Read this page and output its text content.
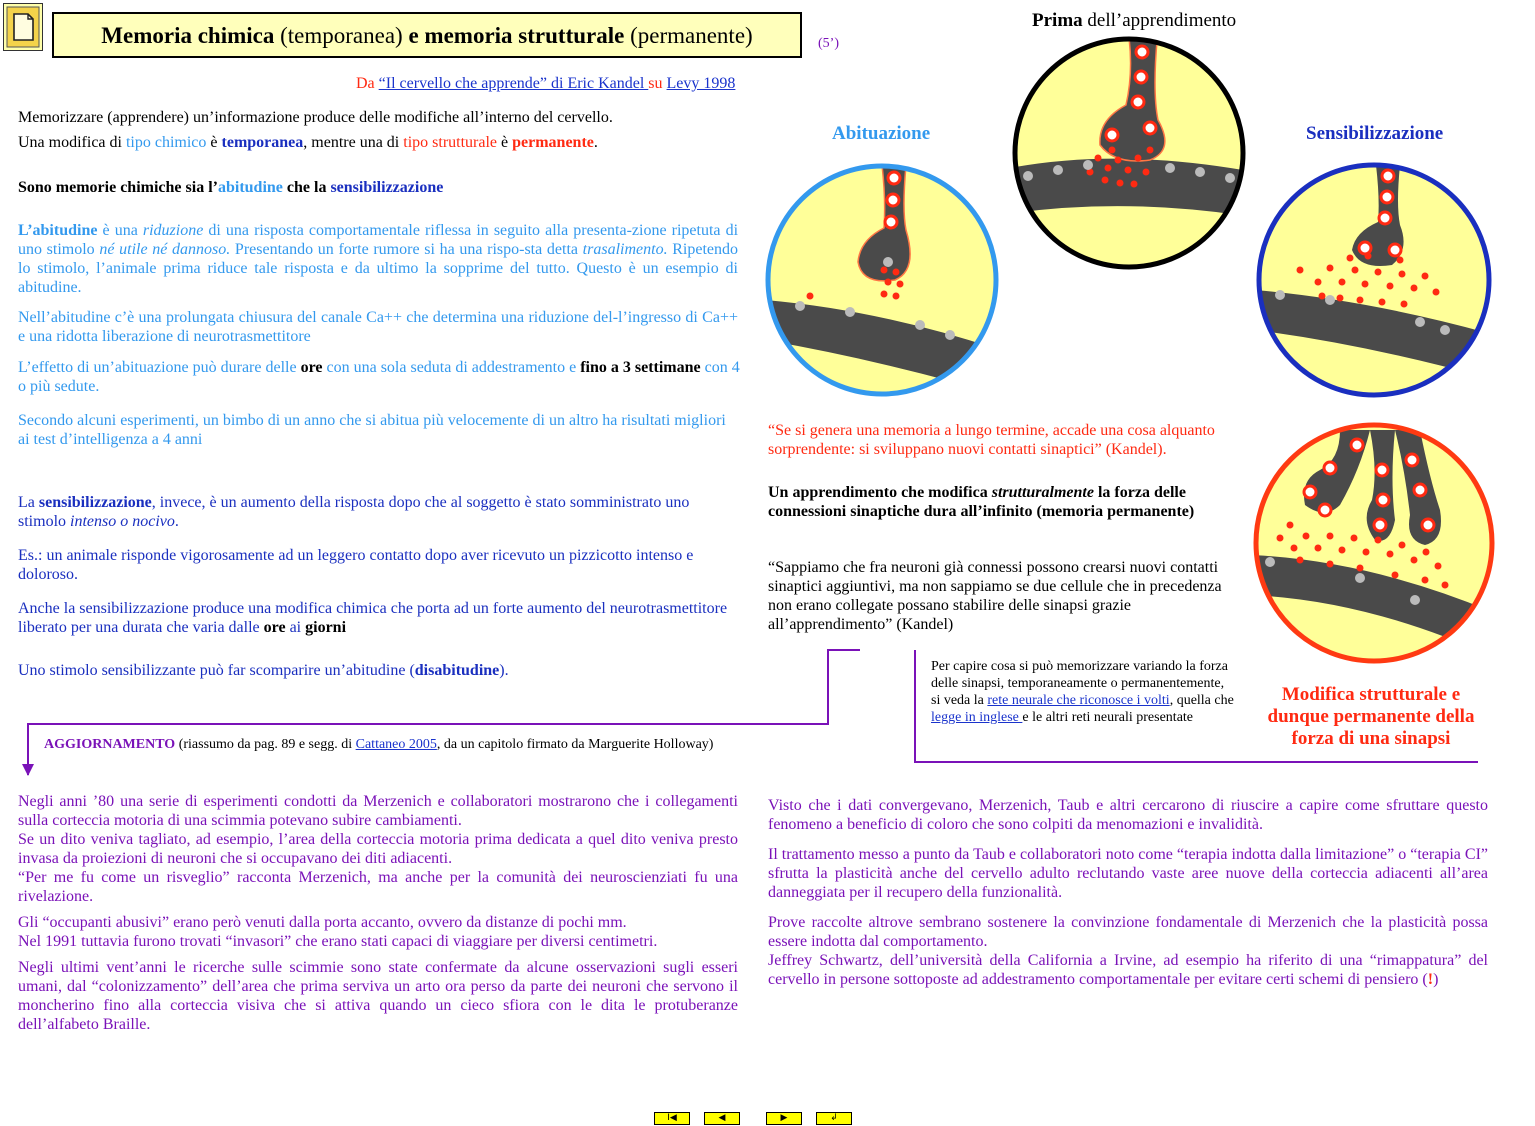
Memoria chimica (temporanea) e memoria strutturale (permanente)	(5’)
Da “Il cervello che apprende” di Eric Kandel su Levy 1998
Memorizzare (apprendere) un’informazione produce delle modifiche all’interno del cervello.
Una modifica di tipo chimico è temporanea, mentre una di tipo strutturale è permanente.
Sono memorie chimiche sia l’abitudine che la sensibilizzazione
L’abitudine è una riduzione di una risposta comportamentale riflessa in seguito alla presenta-zione ripetuta di uno stimolo né utile né dannoso. Presentando un forte rumore si ha una rispo-sta detta trasalimento. Ripetendo lo stimolo, l’animale prima riduce tale risposta e da ultimo la sopprime del tutto. Questo è un esempio di abitudine.
Nell’abitudine c’è una prolungata chiusura del canale Ca++ che determina una riduzione del-l’ingresso di Ca++ e una ridotta liberazione di neurotrasmettitore
L’effetto di un’abituazione può durare delle ore con una sola seduta di addestramento e fino a 3 settimane con 4 o più sedute.
Secondo alcuni esperimenti, un bimbo di un anno che si abitua più velocemente di un altro ha risultati migliori ai test d’intelligenza a 4 anni
La sensibilizzazione, invece, è un aumento della risposta dopo che al soggetto è stato somministrato uno stimolo intenso o nocivo.
Es.: un animale risponde vigorosamente ad un leggero contatto dopo aver ricevuto un pizzicotto intenso e doloroso.
Anche la sensibilizzazione produce una modifica chimica che porta ad un forte aumento del neurotrasmettitore liberato per una durata che varia dalle ore ai giorni
Uno stimolo sensibilizzante può far scomparire un’abitudine (disabitudine).
AGGIORNAMENTO (riassumo da pag. 89 e segg. di Cattaneo 2005, da un capitolo firmato da Marguerite Holloway)
Prima dell’apprendimento
Abituazione	Sensibilizzazione
“Se si genera una memoria a lungo termine, accade una cosa alquanto sorprendente: si sviluppano nuovi contatti sinaptici” (Kandel).
Un apprendimento che modifica strutturalmente la forza delle connessioni sinaptiche dura all’infinito (memoria permanente)
“Sappiamo che fra neuroni già connessi possono crearsi nuovi contatti sinaptici aggiuntivi, ma non sappiamo se due cellule che in precedenza non erano collegate possano stabilire delle sinapsi grazie all’apprendimento” (Kandel)
Per capire cosa si può memorizzare variando la forza delle sinapsi, temporaneamente o permanentemente, si veda la rete neurale che riconosce i volti, quella che legge in inglese e le altri reti neurali presentate
Modifica strutturale e dunque permanente della forza di una sinapsi
Negli anni ’80 una serie di esperimenti condotti da Merzenich e collaboratori mostrarono che i collegamenti sulla corteccia motoria di una scimmia potevano subire cambiamenti.
Se un dito veniva tagliato, ad esempio, l’area della corteccia motoria prima dedicata a quel dito veniva presto invasa da proiezioni di neuroni che si occupavano dei diti adiacenti.
“Per me fu come un risveglio” racconta Merzenich, ma anche per la comunità dei neuroscienziati fu una rivelazione.
Gli “occupanti abusivi” erano però venuti dalla porta accanto, ovvero da distanze di pochi mm.
Nel 1991 tuttavia furono trovati “invasori” che erano stati capaci di viaggiare per diversi centimetri.
Negli ultimi vent’anni le ricerche sulle scimmie sono state confermate da alcune osservazioni sugli esseri umani, dal “colonizzamento” dell’area che prima serviva un arto ora perso da parte dei neuroni che servono il moncherino fino alla corteccia visiva che si attiva quando un cieco sfiora con le dita le protuberanze dell’alfabeto Braille.
Visto che i dati convergevano, Merzenich, Taub e altri cercarono di riuscire a capire come sfruttare questo fenomeno a beneficio di coloro che sono colpiti da menomazioni e invalidità.
Il trattamento messo a punto da Taub e collaboratori noto come “terapia indotta dalla limitazione” o “terapia CI” sfrutta la plasticità anche del cervello adulto reclutando vaste aree nuove della corteccia adiacenti all’area danneggiata per il recupero della funzionalità.
Prove raccolte altrove sembrano sostenere la convinzione fondamentale di Merzenich che la plasticità possa essere indotta dal comportamento.
Jeffrey Schwartz, dell’università della California a Irvine, ad esempio ha riferito di una “rimappatura” del cervello in persone sottoposte ad addestramento comportamentale per evitare certi schemi di pensiero (!)
I◀	◀	▶	↲
